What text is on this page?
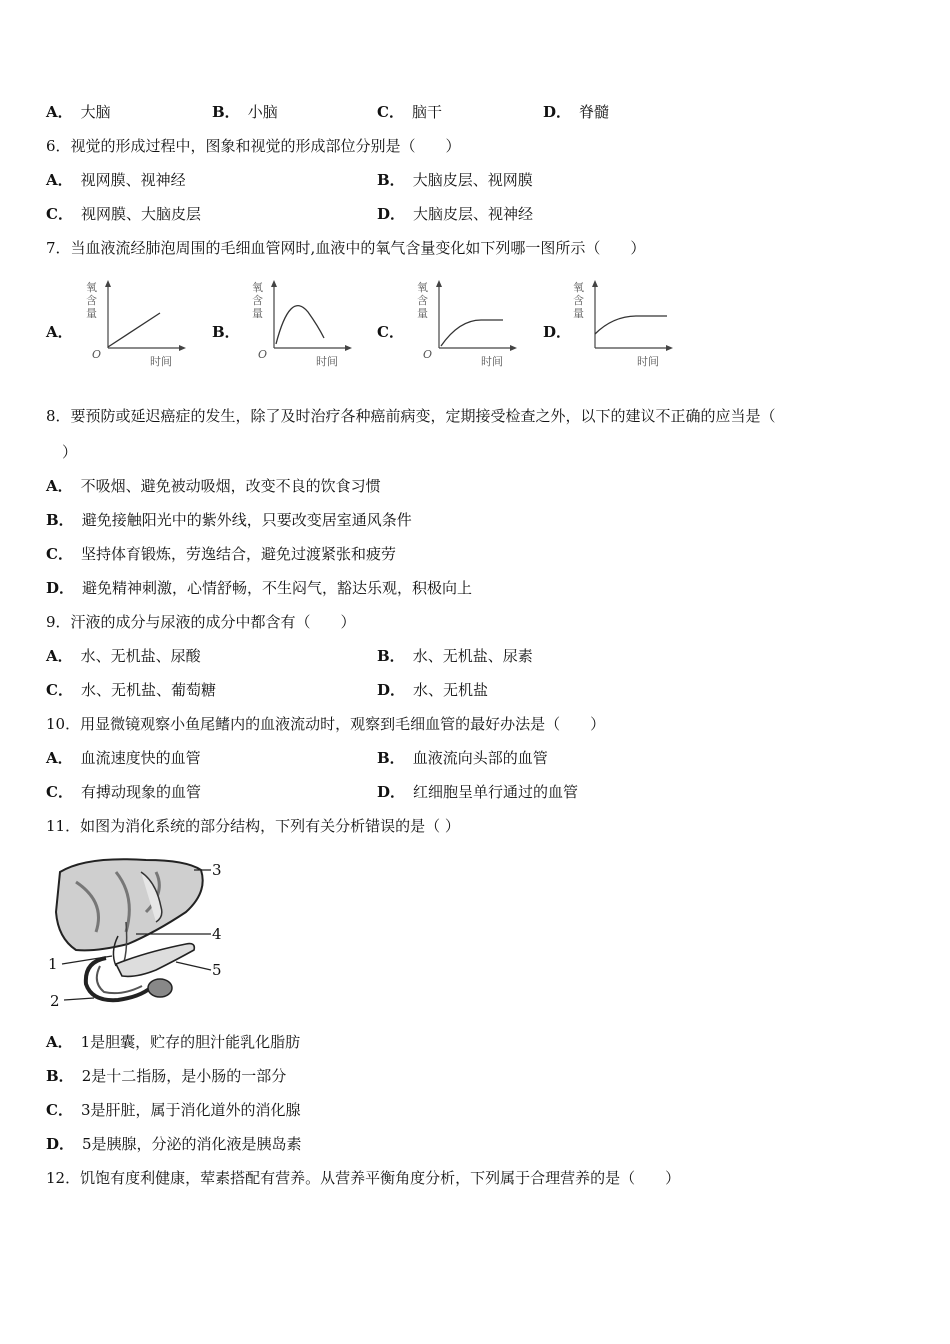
A． 大脑	B． 小脑	C． 脑干	D． 脊髓
6．视觉的形成过程中，图象和视觉的形成部位分别是（　　）
A． 视网膜、视神经	B． 大脑皮层、视网膜
C． 视网膜、大脑皮层	D． 大脑皮层、视神经
7．当血液流经肺泡周围的毛细血管网时,血液中的氧气含量变化如下列哪一图所示（　　）
A．
氧
含
量
O
时间
B．
氧
含
量
O
时间
C．
氧
含
量
O
时间
D．
氧
含
量
时间
8．要预防或延迟癌症的发生，除了及时治疗各种癌前病变，定期接受检查之外，以下的建议不正确的应当是（
）
A． 不吸烟、避免被动吸烟，改变不良的饮食习惯
B． 避免接触阳光中的紫外线，只要改变居室通风条件
C． 坚持体育锻炼，劳逸结合，避免过渡紧张和疲劳
D． 避免精神刺激，心情舒畅，不生闷气，豁达乐观，积极向上
9．汗液的成分与尿液的成分中都含有（　　）
A． 水、无机盐、尿酸	B． 水、无机盐、尿素
C． 水、无机盐、葡萄糖	D． 水、无机盐
10．用显微镜观察小鱼尾鳍内的血液流动时，观察到毛细血管的最好办法是（　　）
A． 血流速度快的血管	B． 血液流向头部的血管
C． 有搏动现象的血管	D． 红细胞呈单行通过的血管
11．如图为消化系统的部分结构，下列有关分析错误的是（ ）
3
4
5
1
2
A． 1是胆囊，贮存的胆汁能乳化脂肪
B． 2是十二指肠，是小肠的一部分
C． 3是肝脏，属于消化道外的消化腺
D． 5是胰腺，分泌的消化液是胰岛素
12．饥饱有度利健康，荤素搭配有营养。从营养平衡角度分析，下列属于合理营养的是（　　）
